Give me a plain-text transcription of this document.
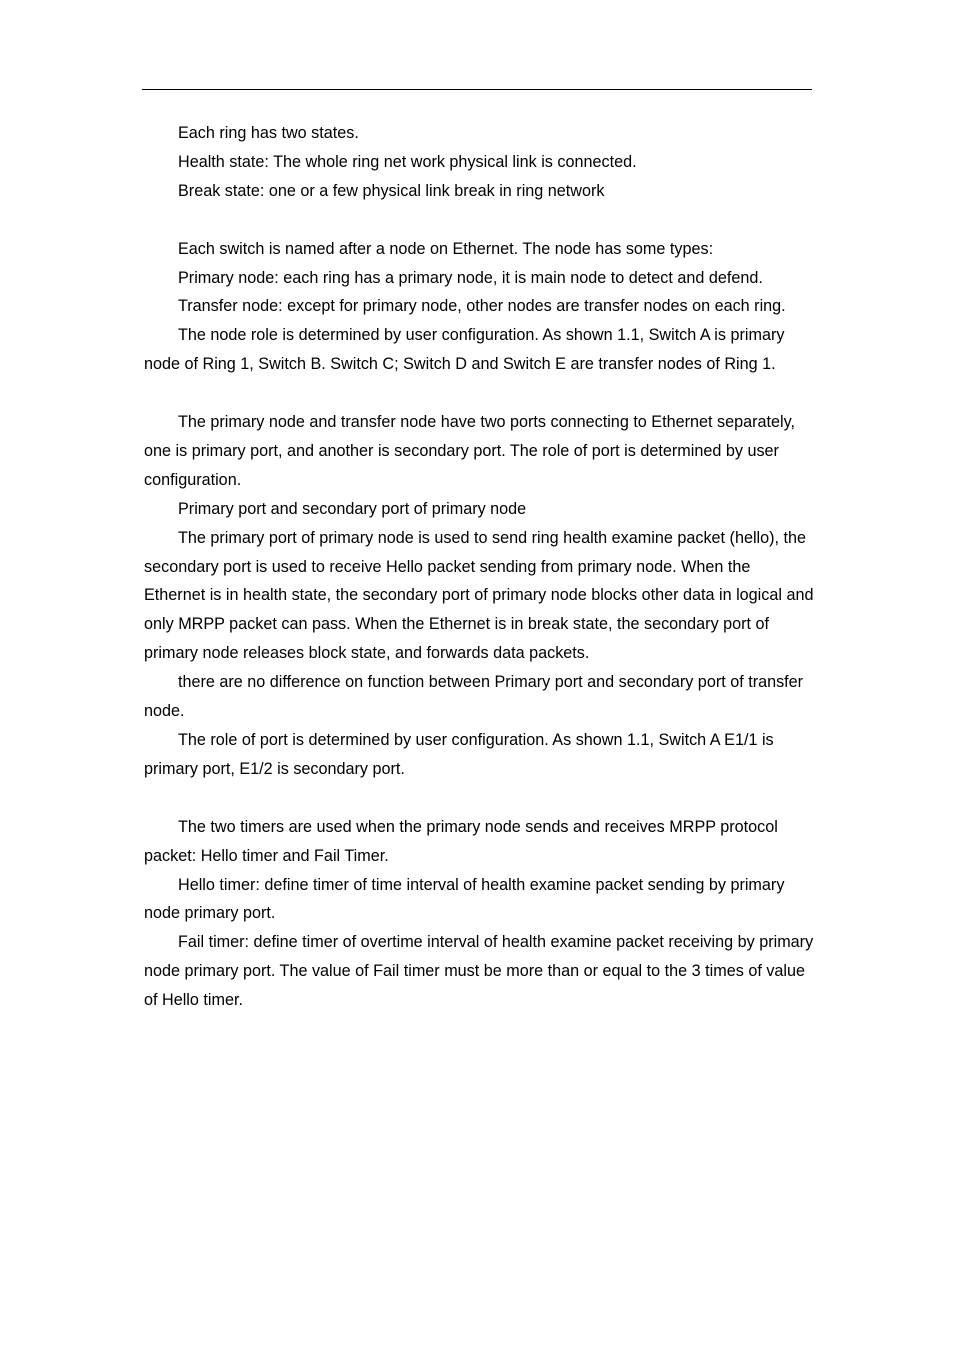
Each ring has two states.

Health state: The whole ring net work physical link is connected.

Break state: one or a few physical link break in ring network

Each switch is named after a node on Ethernet. The node has some types:

Primary node: each ring has a primary node, it is main node to detect and defend.

Transfer node: except for primary node, other nodes are transfer nodes on each ring.

The node role is determined by user configuration. As shown 1.1, Switch A is primary node of Ring 1, Switch B. Switch C; Switch D and Switch E are transfer nodes of Ring 1.

The primary node and transfer node have two ports connecting to Ethernet separately, one is primary port, and another is secondary port. The role of port is determined by user configuration.

Primary port and secondary port of primary node

The primary port of primary node is used to send ring health examine packet (hello), the secondary port is used to receive Hello packet sending from primary node. When the Ethernet is in health state, the secondary port of primary node blocks other data in logical and only MRPP packet can pass. When the Ethernet is in break state, the secondary port of primary node releases block state, and forwards data packets.

there are no difference on function between Primary port and secondary port of transfer node.

The role of port is determined by user configuration. As shown 1.1, Switch A E1/1 is primary port, E1/2 is secondary port.

The two timers are used when the primary node sends and receives MRPP protocol packet: Hello timer and Fail Timer.

Hello timer: define timer of time interval of health examine packet sending by primary node primary port.

Fail timer: define timer of overtime interval of health examine packet receiving by primary node primary port. The value of Fail timer must be more than or equal to the 3 times of value of Hello timer.
